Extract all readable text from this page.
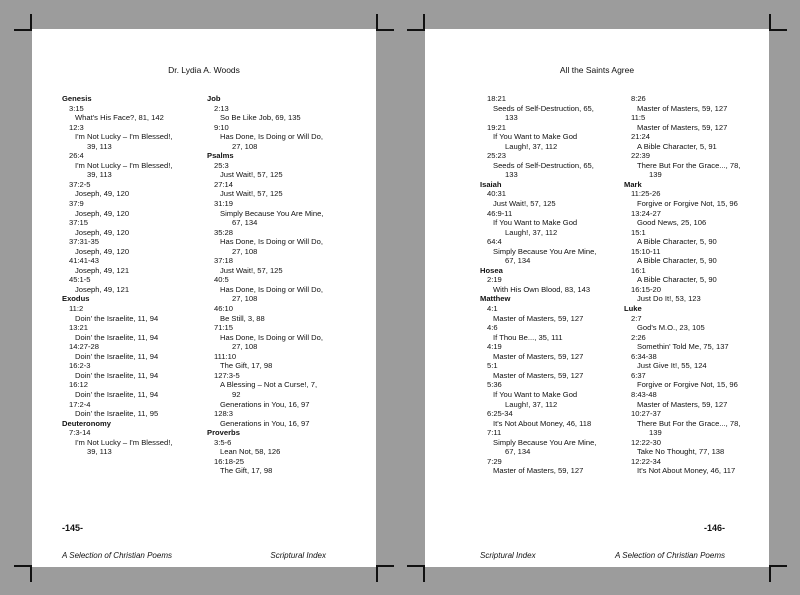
Dr. Lydia A. Woods
Genesis
3:15
What's His Face?, 81, 142
12:3
I'm Not Lucky – I'm Blessed!,
39, 113
26:4
I'm Not Lucky – I'm Blessed!,
39, 113
37:2-5
Joseph, 49, 120
37:9
Joseph, 49, 120
37:15
Joseph, 49, 120
37:31-35
Joseph, 49, 120
41:41-43
Joseph, 49, 121
45:1-5
Joseph, 49, 121
Exodus
11:2
Doin' the Israelite, 11, 94
13:21
Doin' the Israelite, 11, 94
14:27-28
Doin' the Israelite, 11, 94
16:2-3
Doin' the Israelite, 11, 94
16:12
Doin' the Israelite, 11, 94
17:2-4
Doin' the Israelite, 11, 95
Deuteronomy
7:3-14
I'm Not Lucky – I'm Blessed!,
39, 113
Job
2:13
So Be Like Job, 69, 135
9:10
Has Done, Is Doing or Will Do,
27, 108
Psalms
25:3
Just Wait!, 57, 125
27:14
Just Wait!, 57, 125
31:19
Simply Because You Are Mine,
67, 134
35:28
Has Done, Is Doing or Will Do,
27, 108
37:18
Just Wait!, 57, 125
40:5
Has Done, Is Doing or Will Do,
27, 108
46:10
Be Still, 3, 88
71:15
Has Done, Is Doing or Will Do,
27, 108
111:10
The Gift, 17, 98
127:3-5
A Blessing – Not a Curse!, 7,
92
Generations in You, 16, 97
128:3
Generations in You, 16, 97
Proverbs
3:5-6
Lean Not, 58, 126
16:18-25
The Gift, 17, 98
-145-
A Selection of Christian Poems	Scriptural Index
All the Saints Agree
18:21
Seeds of Self-Destruction, 65,
133
19:21
If You Want to Make God
Laugh!, 37, 112
25:23
Seeds of Self-Destruction, 65,
133
Isaiah
40:31
Just Wait!, 57, 125
46:9-11
If You Want to Make God
Laugh!, 37, 112
64:4
Simply Because You Are Mine,
67, 134
Hosea
2:19
With His Own Blood, 83, 143
Matthew
4:1
Master of Masters, 59, 127
4:6
If Thou Be..., 35, 111
4:19
Master of Masters, 59, 127
5:1
Master of Masters, 59, 127
5:36
If You Want to Make God
Laugh!, 37, 112
6:25-34
It's Not About Money, 46, 118
7:11
Simply Because You Are Mine,
67, 134
7:29
Master of Masters, 59, 127
8:26
Master of Masters, 59, 127
11:5
Master of Masters, 59, 127
21:24
A Bible Character, 5, 91
22:39
There But For the Grace..., 78,
139
Mark
11:25-26
Forgive or Forgive Not, 15, 96
13:24-27
Good News, 25, 106
15:1
A Bible Character, 5, 90
15:10-11
A Bible Character, 5, 90
16:1
A Bible Character, 5, 90
16:15-20
Just Do It!, 53, 123
Luke
2:7
God's M.O., 23, 105
2:26
Somethin' Told Me, 75, 137
6:34-38
Just Give It!, 55, 124
6:37
Forgive or Forgive Not, 15, 96
8:43-48
Master of Masters, 59, 127
10:27-37
There But For the Grace..., 78,
139
12:22-30
Take No Thought, 77, 138
12:22-34
It's Not About Money, 46, 117
-146-
Scriptural Index	A Selection of Christian Poems
